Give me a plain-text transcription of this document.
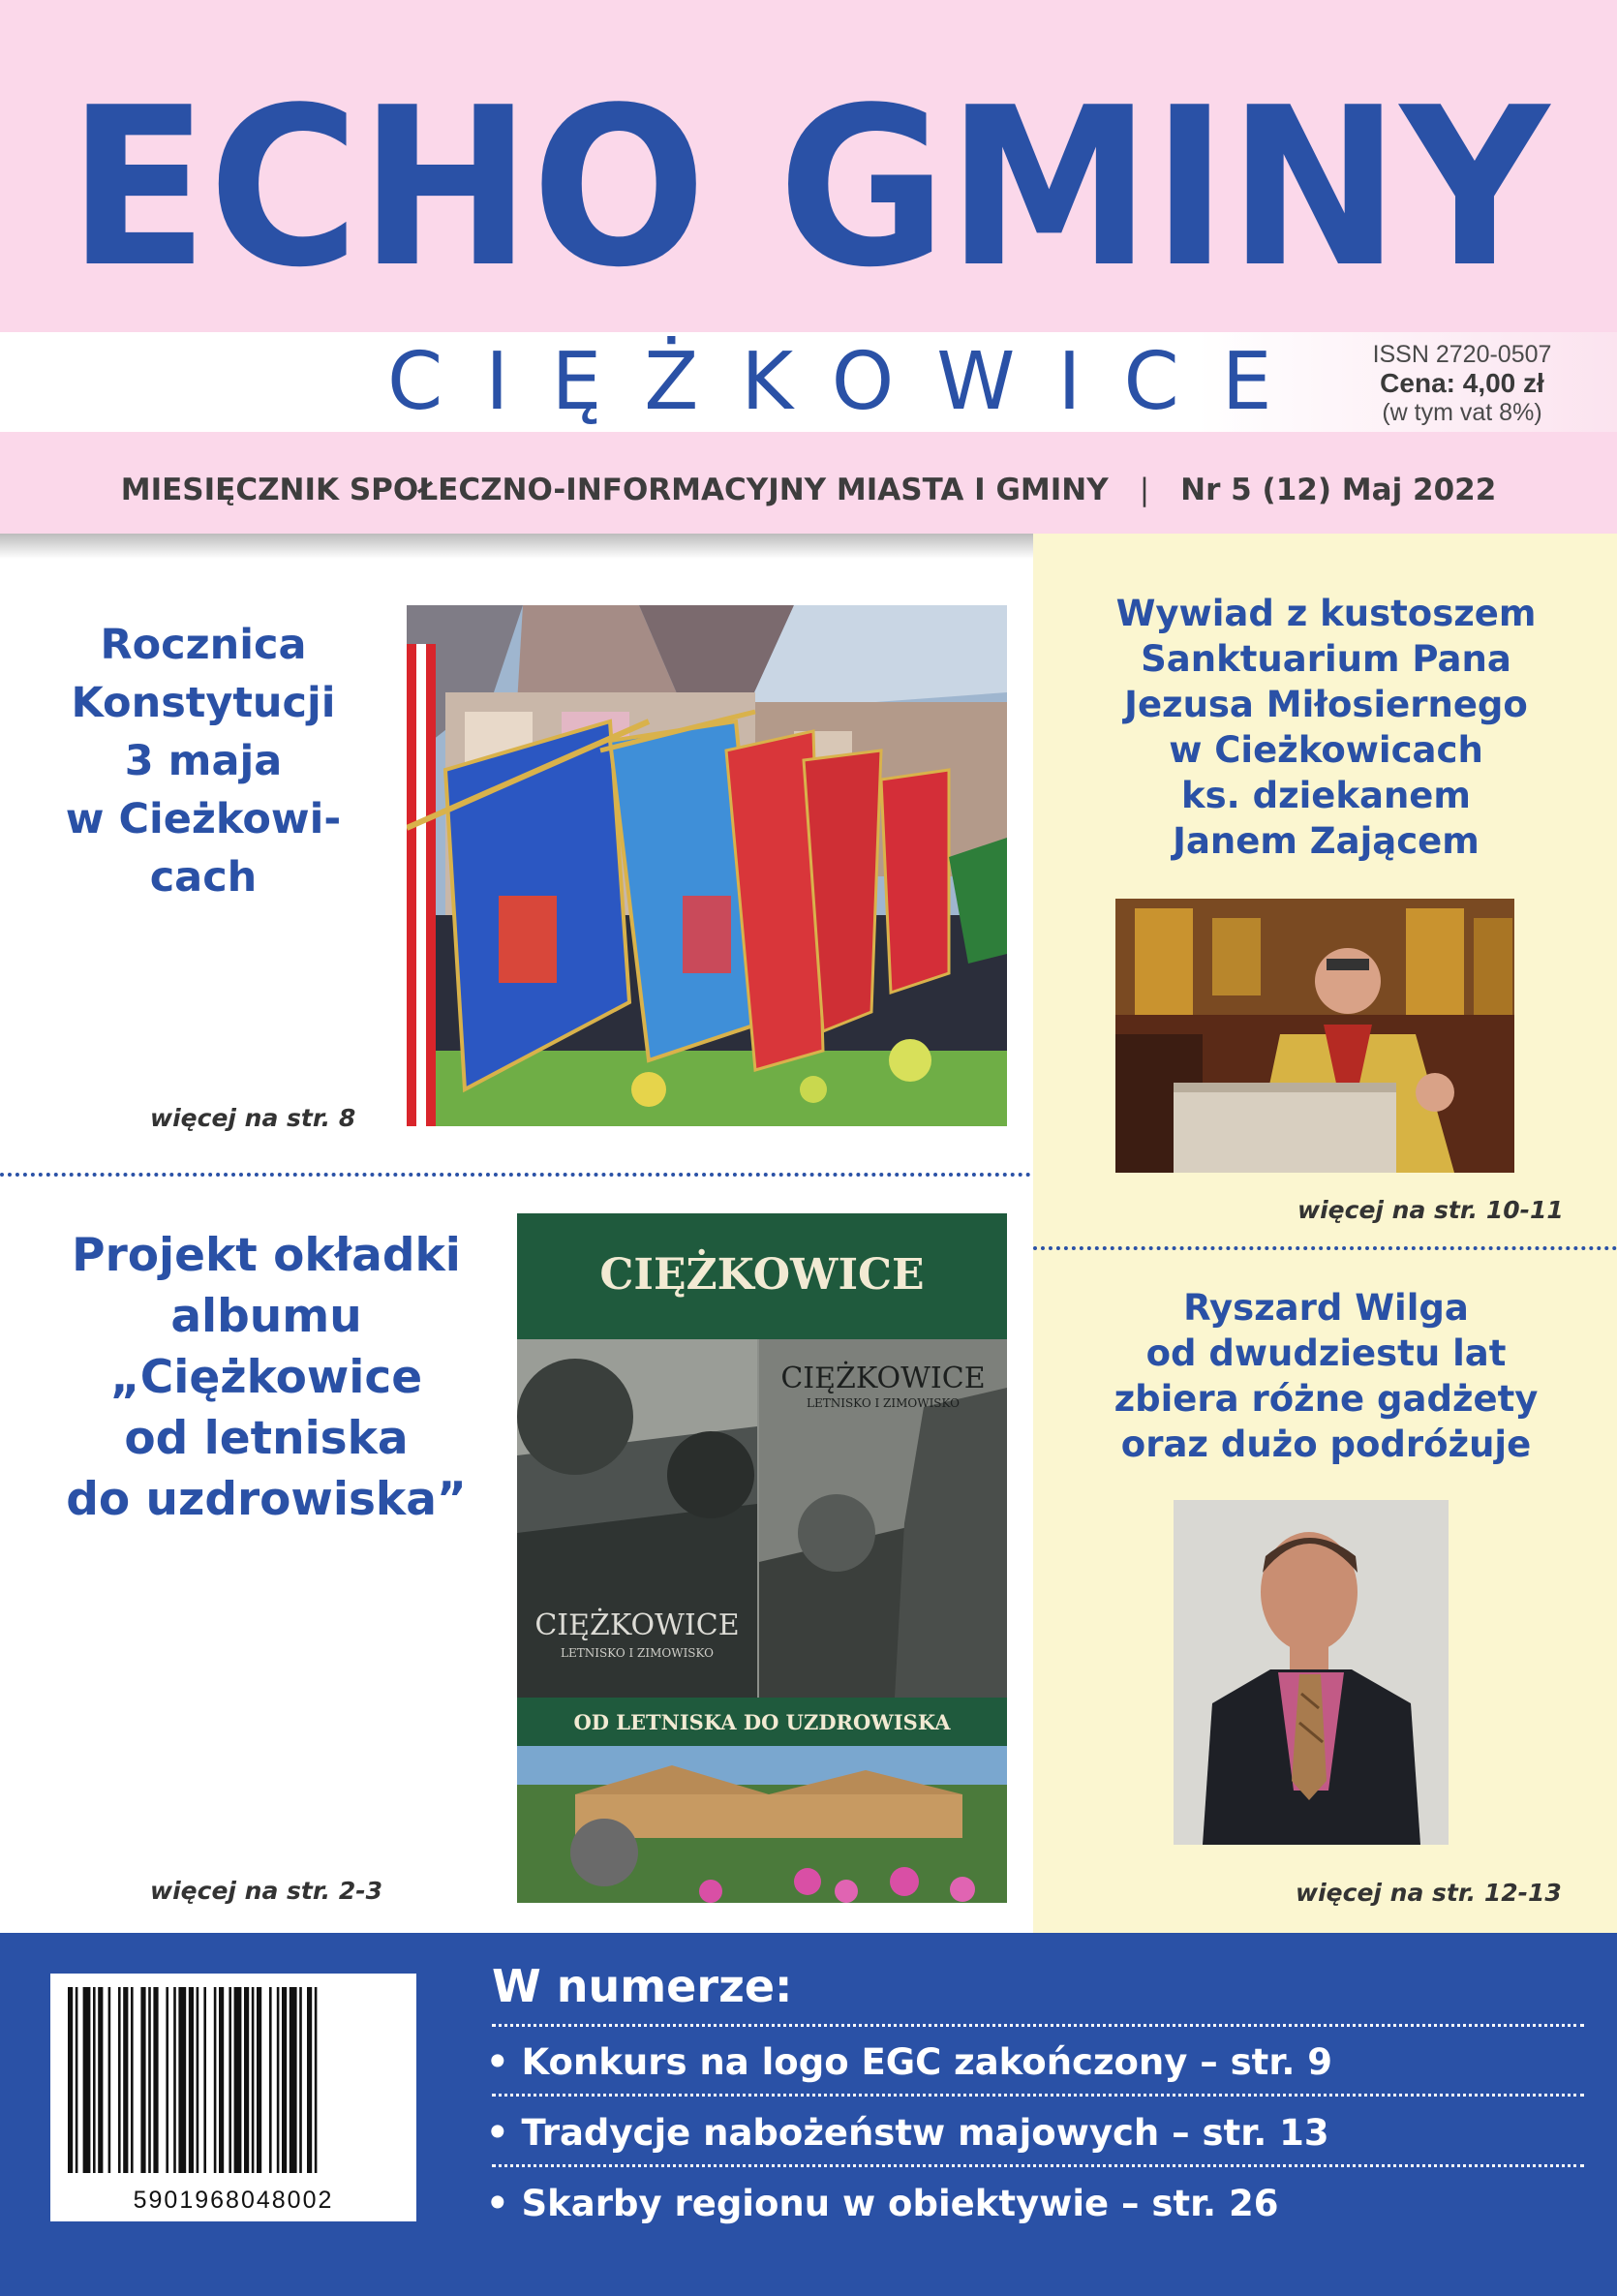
ECHO GMINY
CIĘŻKOWICE	ISSN 2720-0507
Cena: 4,00 zł
(w tym vat 8%)
MIESIĘCZNIK SPOŁECZNO-INFORMACYJNY MIASTA I GMINY | Nr 5 (12) Maj 2022
Rocznica
Konstytucji
3 maja
w Cieżkowi-
cach
Wywiad z kustoszem
Sanktuarium Pana
Jezusa Miłosiernego
w Cieżkowicach
ks. dziekanem
Janem Zającem
Projekt okładki
albumu
„Ciężkowice
od letniska
do uzdrowiska”
Ryszard Wilga
od dwudziestu lat
zbiera różne gadżety
oraz dużo podróżuje
więcej na str. 8
więcej na str. 10-11
więcej na str. 2-3	więcej na str. 12-13
CIĘŻKOWICE
CIĘŻKOWICE
LETNISKO I ZIMOWISKO
CIĘŻKOWICE
LETNISKO I ZIMOWISKO
OD LETNISKA DO UZDROWISKA
5901968048002
W numerze:
• Konkurs na logo EGC zakończony – str. 9
• Tradycje nabożeństw majowych – str. 13
• Skarby regionu w obiektywie – str. 26
